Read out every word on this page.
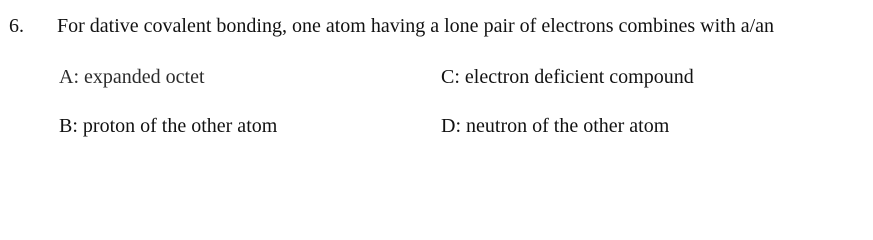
6. For dative covalent bonding, one atom having a lone pair of electrons combines with a/an
A : expanded octet	C : electron deficient compound
B : proton of the other atom	D : neutron of the other atom
